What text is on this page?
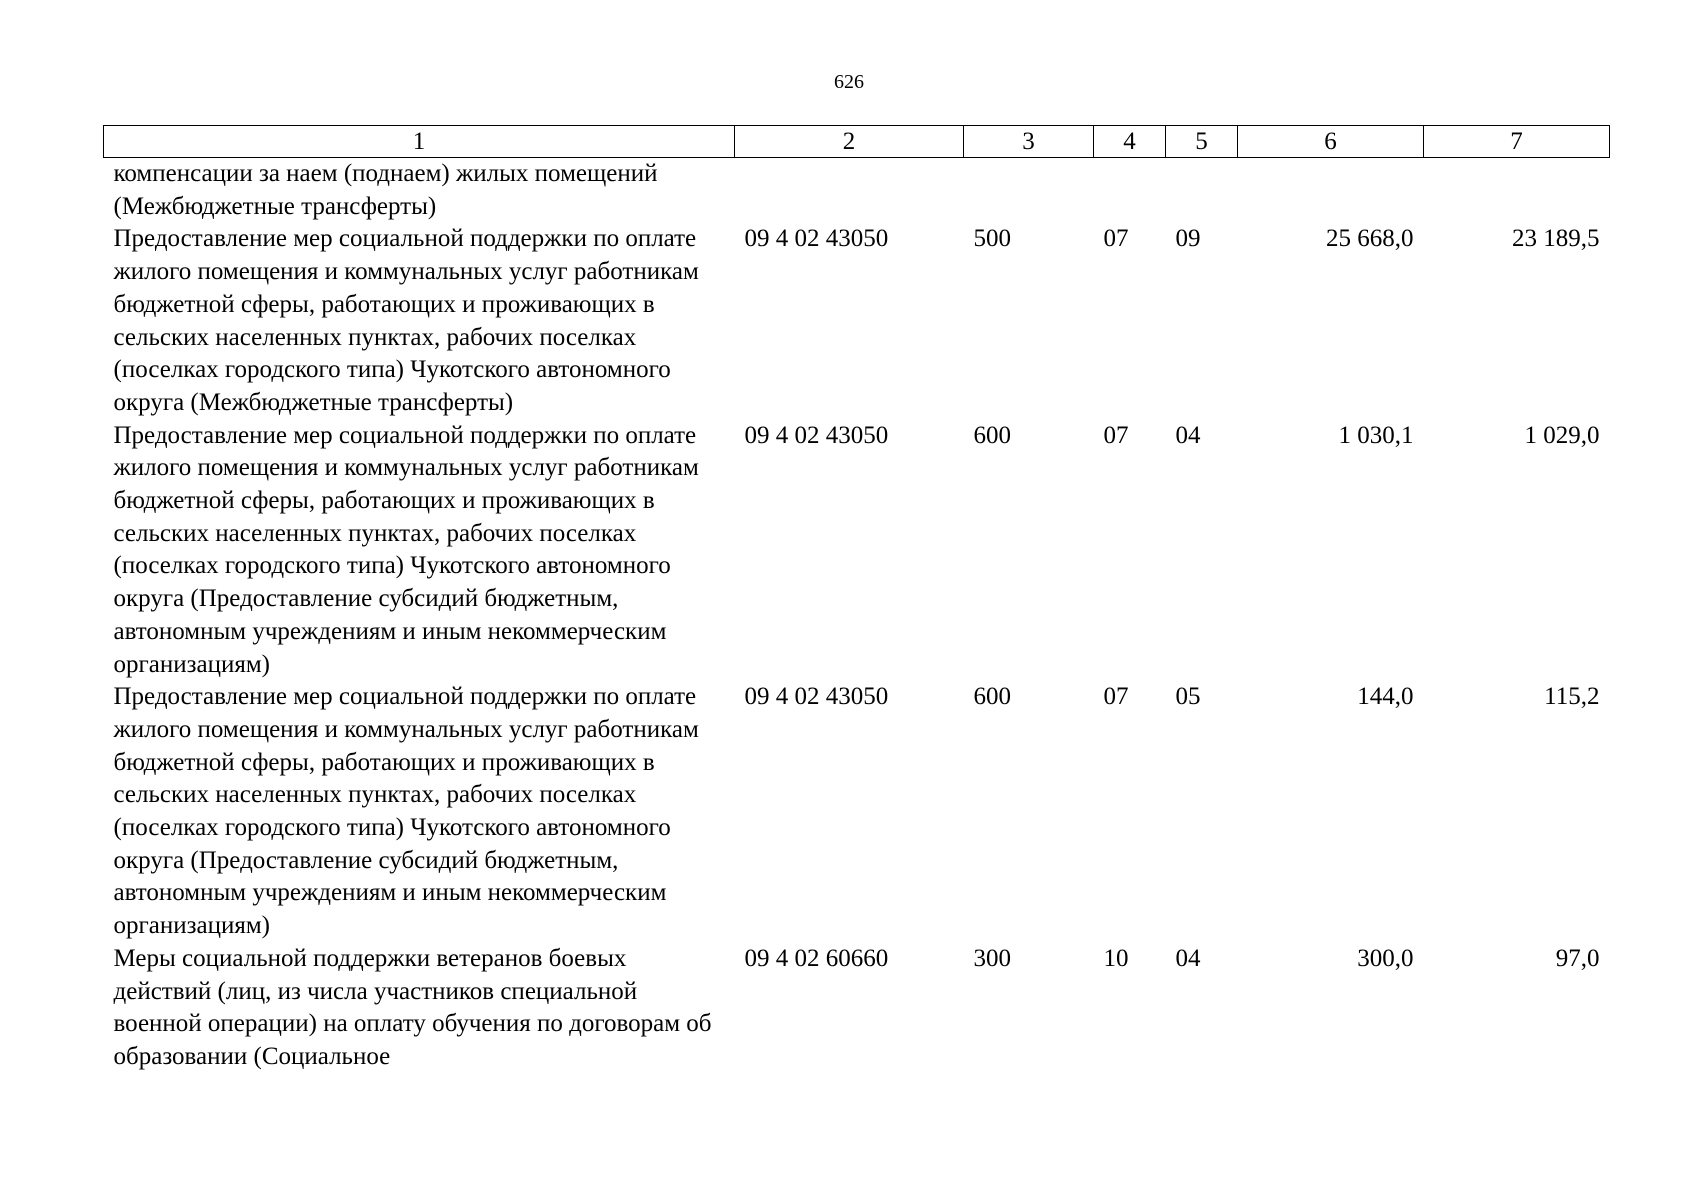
626
1	2	3	4	5	6	7
компенсации за наем (поднаем) жилых помещений (Межбюджетные трансферты)						
Предоставление мер социальной поддержки по оплате жилого помещения и коммунальных услуг работникам бюджетной сферы, работающих и проживающих в сельских населенных пунктах, рабочих поселках (поселках городского типа) Чукотского автономного округа (Межбюджетные трансферты)	09 4 02 43050	500	07	09	25 668,0	23 189,5
Предоставление мер социальной поддержки по оплате жилого помещения и коммунальных услуг работникам бюджетной сферы, работающих и проживающих в сельских населенных пунктах, рабочих поселках (поселках городского типа) Чукотского автономного округа (Предоставление субсидий бюджетным, автономным учреждениям и иным некоммерческим организациям)	09 4 02 43050	600	07	04	1 030,1	1 029,0
Предоставление мер социальной поддержки по оплате жилого помещения и коммунальных услуг работникам бюджетной сферы, работающих и проживающих в сельских населенных пунктах, рабочих поселках (поселках городского типа) Чукотского автономного округа (Предоставление субсидий бюджетным, автономным учреждениям и иным некоммерческим организациям)	09 4 02 43050	600	07	05	144,0	115,2
Меры социальной поддержки ветеранов боевых действий (лиц, из числа участников специальной военной операции) на оплату обучения по договорам об образовании (Социальное	09 4 02 60660	300	10	04	300,0	97,0
